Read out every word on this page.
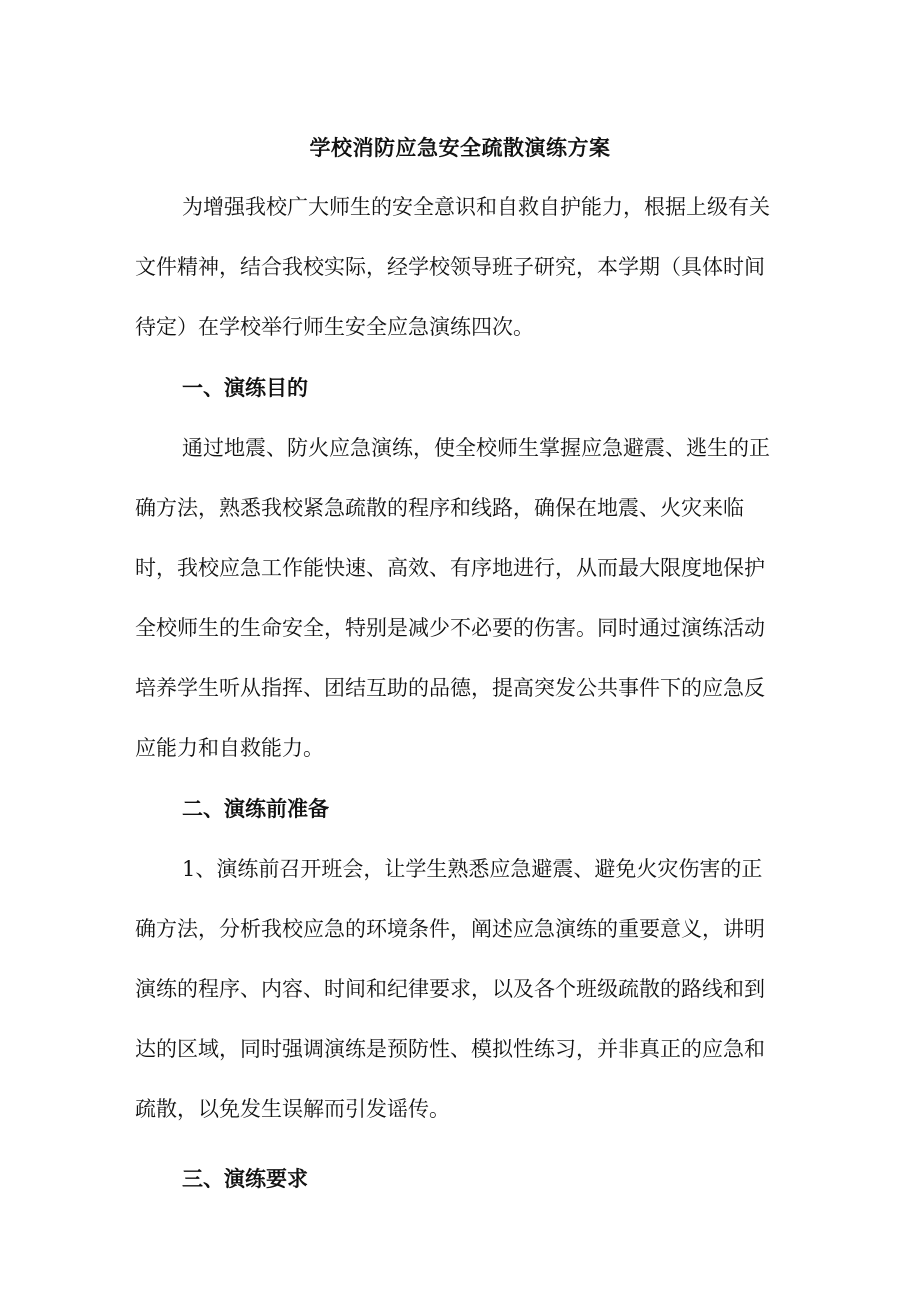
学校消防应急安全疏散演练方案
为增强我校广大师生的安全意识和自救自护能力，根据上级有关
文件精神，结合我校实际，经学校领导班子研究，本学期（具体时间
待定）在学校举行师生安全应急演练四次。
一、演练目的
通过地震、防火应急演练，使全校师生掌握应急避震、逃生的正
确方法，熟悉我校紧急疏散的程序和线路，确保在地震、火灾来临
时，我校应急工作能快速、高效、有序地进行，从而最大限度地保护
全校师生的生命安全，特别是减少不必要的伤害。同时通过演练活动
培养学生听从指挥、团结互助的品德，提高突发公共事件下的应急反
应能力和自救能力。
二、演练前准备
1、演练前召开班会，让学生熟悉应急避震、避免火灾伤害的正
确方法，分析我校应急的环境条件，阐述应急演练的重要意义，讲明
演练的程序、内容、时间和纪律要求，以及各个班级疏散的路线和到
达的区域，同时强调演练是预防性、模拟性练习，并非真正的应急和
疏散，以免发生误解而引发谣传。
三、演练要求
